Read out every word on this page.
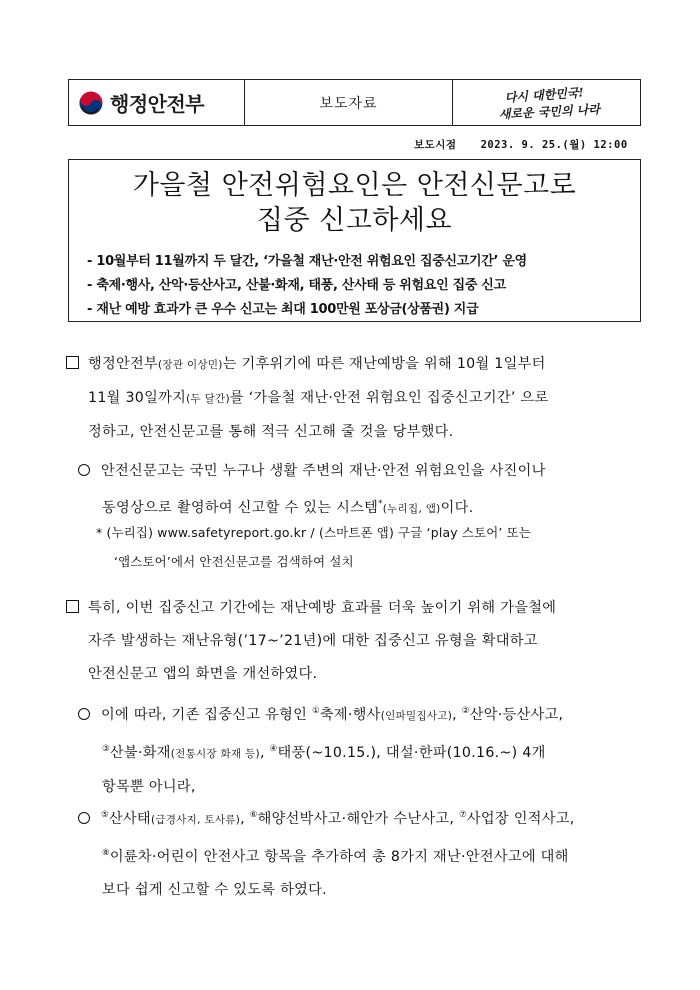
행정안전부	보도자료	다시 대한민국!
새로운 국민의 나라
보도시점 2023. 9. 25.(월) 12:00
가을철 안전위험요인은 안전신문고로
집중 신고하세요
- 10월부터 11월까지 두 달간, ‘가을철 재난·안전 위험요인 집중신고기간’ 운영
- 축제·행사, 산악·등산사고, 산불·화재, 태풍, 산사태 등 위험요인 집중 신고
- 재난 예방 효과가 큰 우수 신고는 최대 100만원 포상금(상품권) 지급
행정안전부(장관 이상민)는 기후위기에 따른 재난예방을 위해 10월 1일부터
11월 30일까지(두 달간)를 ‘가을철 재난·안전 위험요인 집중신고기간’ 으로
정하고, 안전신문고를 통해 적극 신고해 줄 것을 당부했다.
안전신문고는 국민 누구나 생활 주변의 재난·안전 위험요인을 사진이나
동영상으로 촬영하여 신고할 수 있는 시스템*(누리집, 앱)이다.
* (누리집) www.safetyreport.go.kr / (스마트폰 앱) 구글 ‘play 스토어’ 또는
‘앱스토어’에서 안전신문고를 검색하여 설치
특히, 이번 집중신고 기간에는 재난예방 효과를 더욱 높이기 위해 가을철에
자주 발생하는 재난유형(’17~’21년)에 대한 집중신고 유형을 확대하고
안전신문고 앱의 화면을 개선하였다.
이에 따라, 기존 집중신고 유형인 ①축제·행사(인파밀집사고), ②산악·등산사고,
③산불·화재(전통시장 화재 등), ④태풍(~10.15.), 대설·한파(10.16.~) 4개
항목뿐 아니라,
⑤산사태(급경사지, 토사류), ⑥해양선박사고·해안가 수난사고, ⑦사업장 인적사고,
⑧이륜차·어린이 안전사고 항목을 추가하여 총 8가지 재난·안전사고에 대해
보다 쉽게 신고할 수 있도록 하였다.
